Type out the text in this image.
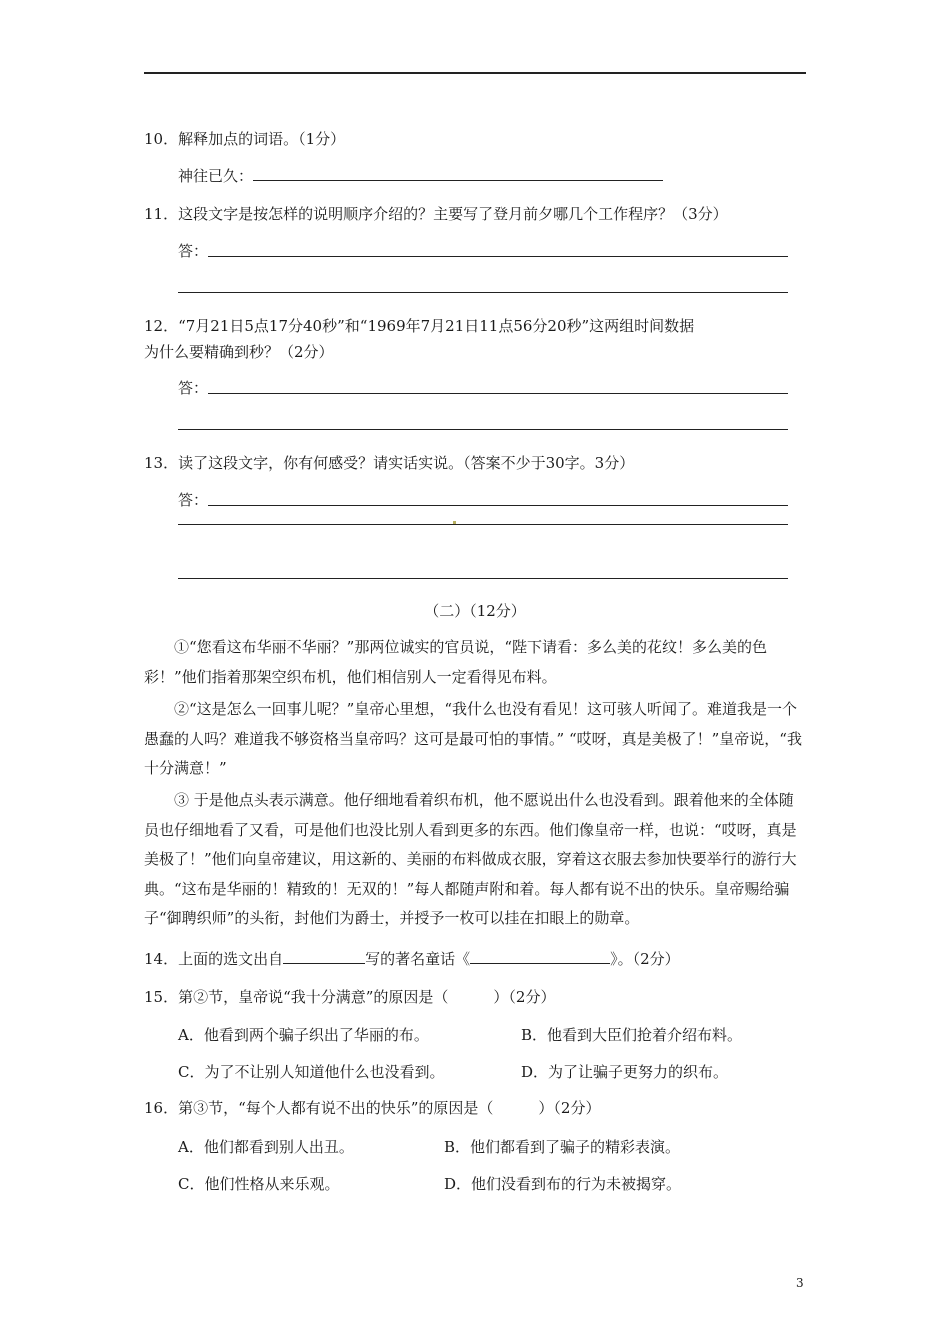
10．解释加点的词语。（1分）
神往已久：
11．这段文字是按怎样的说明顺序介绍的？主要写了登月前夕哪几个工作程序？（3分）
答：
12．“7月21日5点17分40秒”和“1969年7月21日11点56分20秒”这两组时间数据
为什么要精确到秒？（2分）
答：
13．读了这段文字，你有何感受？请实话实说。（答案不少于30字。3分）
答：
（二）（12分）
①“您看这布华丽不华丽？”那两位诚实的官员说，“陛下请看：多么美的花纹！多么美的色彩！”他们指着那架空织布机，他们相信别人一定看得见布料。
②“这是怎么一回事儿呢？”皇帝心里想，“我什么也没有看见！这可骇人听闻了。难道我是一个愚蠢的人吗？难道我不够资格当皇帝吗？这可是最可怕的事情。” “哎呀，真是美极了！”皇帝说，“我十分满意！”
③ 于是他点头表示满意。他仔细地看着织布机，他不愿说出什么也没看到。跟着他来的全体随员也仔细地看了又看，可是他们也没比别人看到更多的东西。他们像皇帝一样，也说：“哎呀，真是美极了！”他们向皇帝建议，用这新的、美丽的布料做成衣服，穿着这衣服去参加快要举行的游行大典。“这布是华丽的！精致的！无双的！”每人都随声附和着。每人都有说不出的快乐。皇帝赐给骗子“御聘织师”的头衔，封他们为爵士，并授予一枚可以挂在扣眼上的勋章。
14．上面的选文出自	写的著名童话《	》。（2分）
15．第②节，皇帝说“我十分满意”的原因是（　　　）（2分）
A．他看到两个骗子织出了华丽的布。	B．他看到大臣们抢着介绍布料。
C．为了不让别人知道他什么也没看到。	D．为了让骗子更努力的织布。
16．第③节，“每个人都有说不出的快乐”的原因是（　　　）（2分）
A．他们都看到别人出丑。	B．他们都看到了骗子的精彩表演。
C．他们性格从来乐观。	D．他们没看到布的行为未被揭穿。
3
